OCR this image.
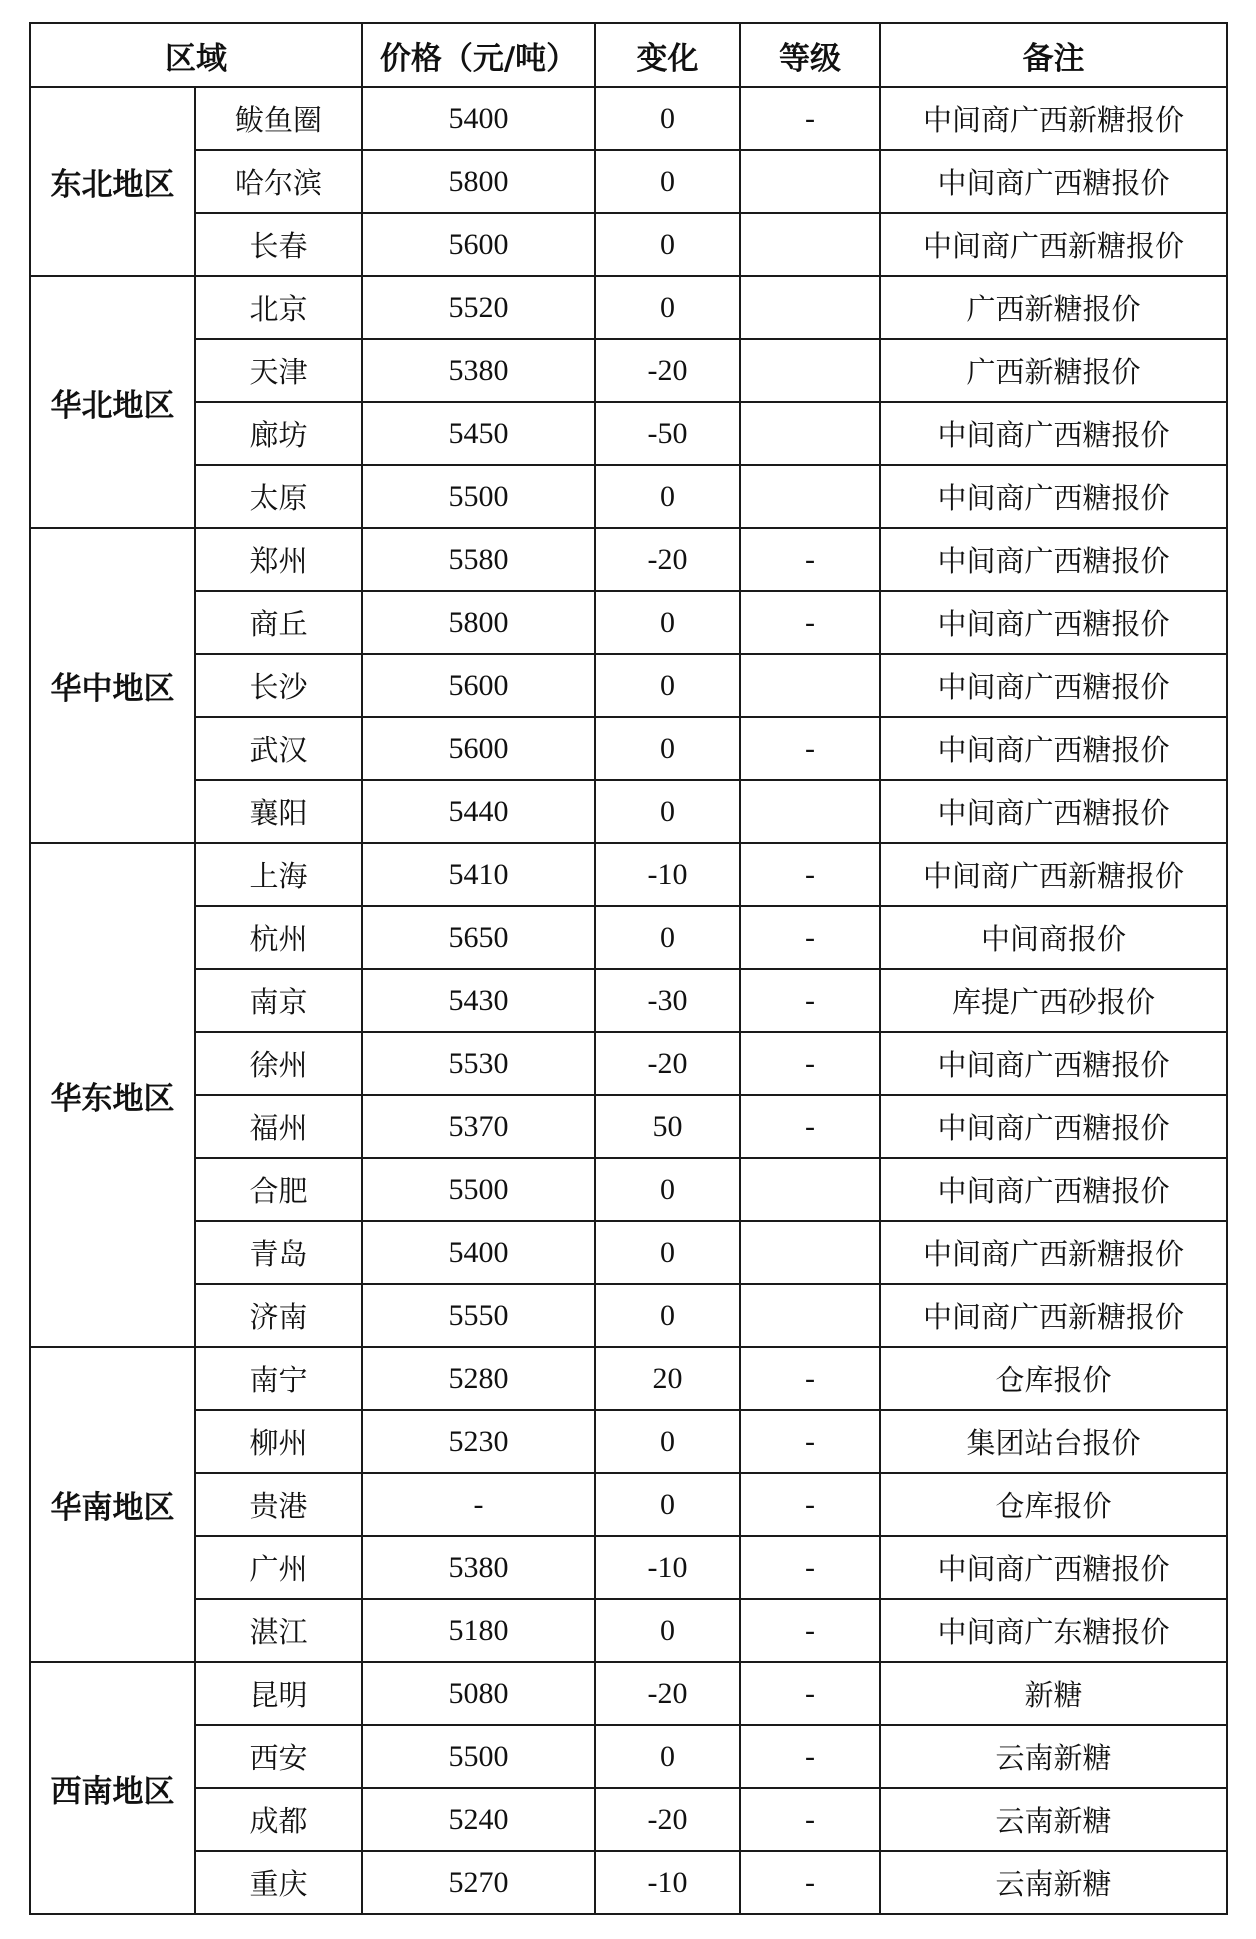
区域		价格（元/吨）	变化	等级	备注
东北地区	鲅鱼圈	5400	0	-	中间商广西新糖报价
	哈尔滨	5800	0		中间商广西糖报价
	长春	5600	0		中间商广西新糖报价
华北地区	北京	5520	0		广西新糖报价
	天津	5380	-20		广西新糖报价
	廊坊	5450	-50		中间商广西糖报价
	太原	5500	0		中间商广西糖报价
华中地区	郑州	5580	-20	-	中间商广西糖报价
	商丘	5800	0	-	中间商广西糖报价
	长沙	5600	0		中间商广西糖报价
	武汉	5600	0	-	中间商广西糖报价
	襄阳	5440	0		中间商广西糖报价
华东地区	上海	5410	-10	-	中间商广西新糖报价
	杭州	5650	0	-	中间商报价
	南京	5430	-30	-	库提广西砂报价
	徐州	5530	-20	-	中间商广西糖报价
	福州	5370	50	-	中间商广西糖报价
	合肥	5500	0		中间商广西糖报价
	青岛	5400	0		中间商广西新糖报价
	济南	5550	0		中间商广西新糖报价
华南地区	南宁	5280	20	-	仓库报价
	柳州	5230	0	-	集团站台报价
	贵港	-	0	-	仓库报价
	广州	5380	-10	-	中间商广西糖报价
	湛江	5180	0	-	中间商广东糖报价
西南地区	昆明	5080	-20	-	新糖
	西安	5500	0	-	云南新糖
	成都	5240	-20	-	云南新糖
	重庆	5270	-10	-	云南新糖
